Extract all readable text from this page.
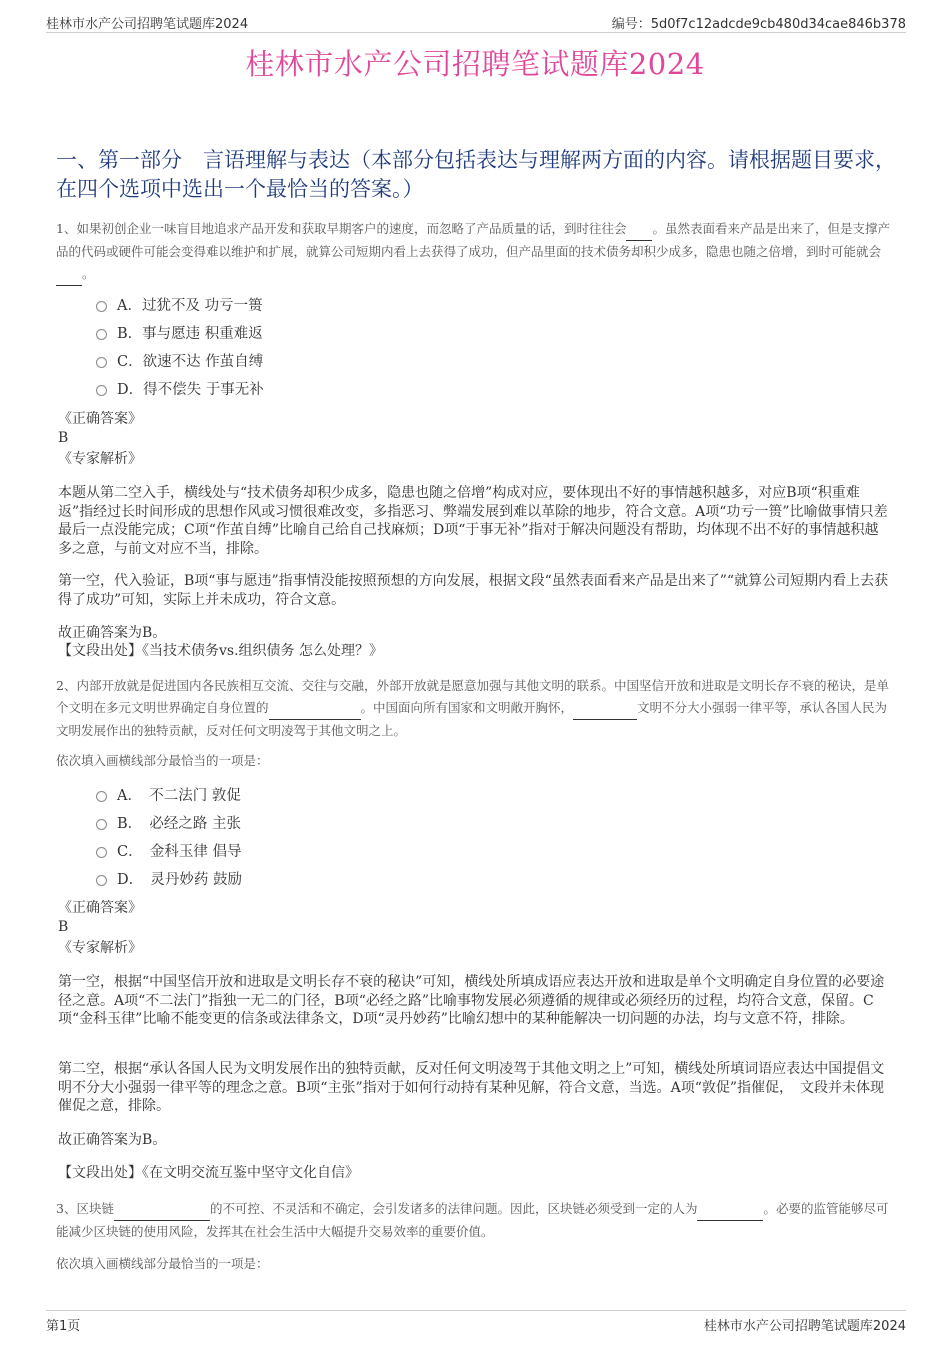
桂林市水产公司招聘笔试题库2024	编号：5d0f7c12adcde9cb480d34cae846b378
桂林市水产公司招聘笔试题库2024
一、第一部分　言语理解与表达（本部分包括表达与理解两方面的内容。请根据题目要求，在四个选项中选出一个最恰当的答案。）
1、如果初创企业一味盲目地追求产品开发和获取早期客户的速度，而忽略了产品质量的话，到时往往会 。虽然表面看来产品是出来了，但是支撑产品的代码或硬件可能会变得难以维护和扩展，就算公司短期内看上去获得了成功，但产品里面的技术债务却积少成多，隐患也随之倍增，到时可能就会 。
A．过犹不及 功亏一篑
B．事与愿违 积重难返
C．欲速不达 作茧自缚
D．得不偿失 于事无补
《正确答案》
B
《专家解析》
本题从第二空入手，横线处与“技术债务却积少成多，隐患也随之倍增”构成对应，要体现出不好的事情越积越多，对应B项“积重难返”指经过长时间形成的思想作风或习惯很难改变，多指恶习、弊端发展到难以革除的地步，符合文意。A项“功亏一篑”比喻做事情只差最后一点没能完成；C项“作茧自缚”比喻自己给自己找麻烦；D项“于事无补”指对于解决问题没有帮助，均体现不出不好的事情越积越多之意，与前文对应不当，排除。
第一空，代入验证，B项“事与愿违”指事情没能按照预想的方向发展，根据文段“虽然表面看来产品是出来了”“就算公司短期内看上去获得了成功”可知，实际上并未成功，符合文意。
故正确答案为B。
【文段出处】《当技术债务vs.组织债务 怎么处理？》
2、内部开放就是促进国内各民族相互交流、交往与交融，外部开放就是愿意加强与其他文明的联系。中国坚信开放和进取是文明长存不衰的秘诀，是单个文明在多元文明世界确定自身位置的	。中国面向所有国家和文明敞开胸怀，	文明不分大小强弱一律平等，承认各国人民为文明发展作出的独特贡献，反对任何文明凌驾于其他文明之上。
依次填入画横线部分最恰当的一项是：
A．　不二法门 敦促
B．　必经之路 主张
C．　金科玉律 倡导
D．　灵丹妙药 鼓励
《正确答案》
B
《专家解析》
第一空，根据“中国坚信开放和进取是文明长存不衰的秘诀”可知，横线处所填成语应表达开放和进取是单个文明确定自身位置的必要途径之意。A项“不二法门”指独一无二的门径，B项“必经之路”比喻事物发展必须遵循的规律或必须经历的过程，均符合文意，保留。C项“金科玉律”比喻不能变更的信条或法律条文，D项“灵丹妙药”比喻幻想中的某种能解决一切问题的办法，均与文意不符，排除。
第二空，根据“承认各国人民为文明发展作出的独特贡献，反对任何文明凌驾于其他文明之上”可知，横线处所填词语应表达中国提倡文明不分大小强弱一律平等的理念之意。B项“主张”指对于如何行动持有某种见解，符合文意，当选。A项“敦促”指催促，　文段并未体现催促之意，排除。
故正确答案为B。
【文段出处】《在文明交流互鉴中坚守文化自信》
3、区块链	的不可控、不灵活和不确定，会引发诸多的法律问题。因此，区块链必须受到一定的人为	。必要的监管能够尽可能减少区块链的使用风险，发挥其在社会生活中大幅提升交易效率的重要价值。
依次填入画横线部分最恰当的一项是：
第1页	桂林市水产公司招聘笔试题库2024
